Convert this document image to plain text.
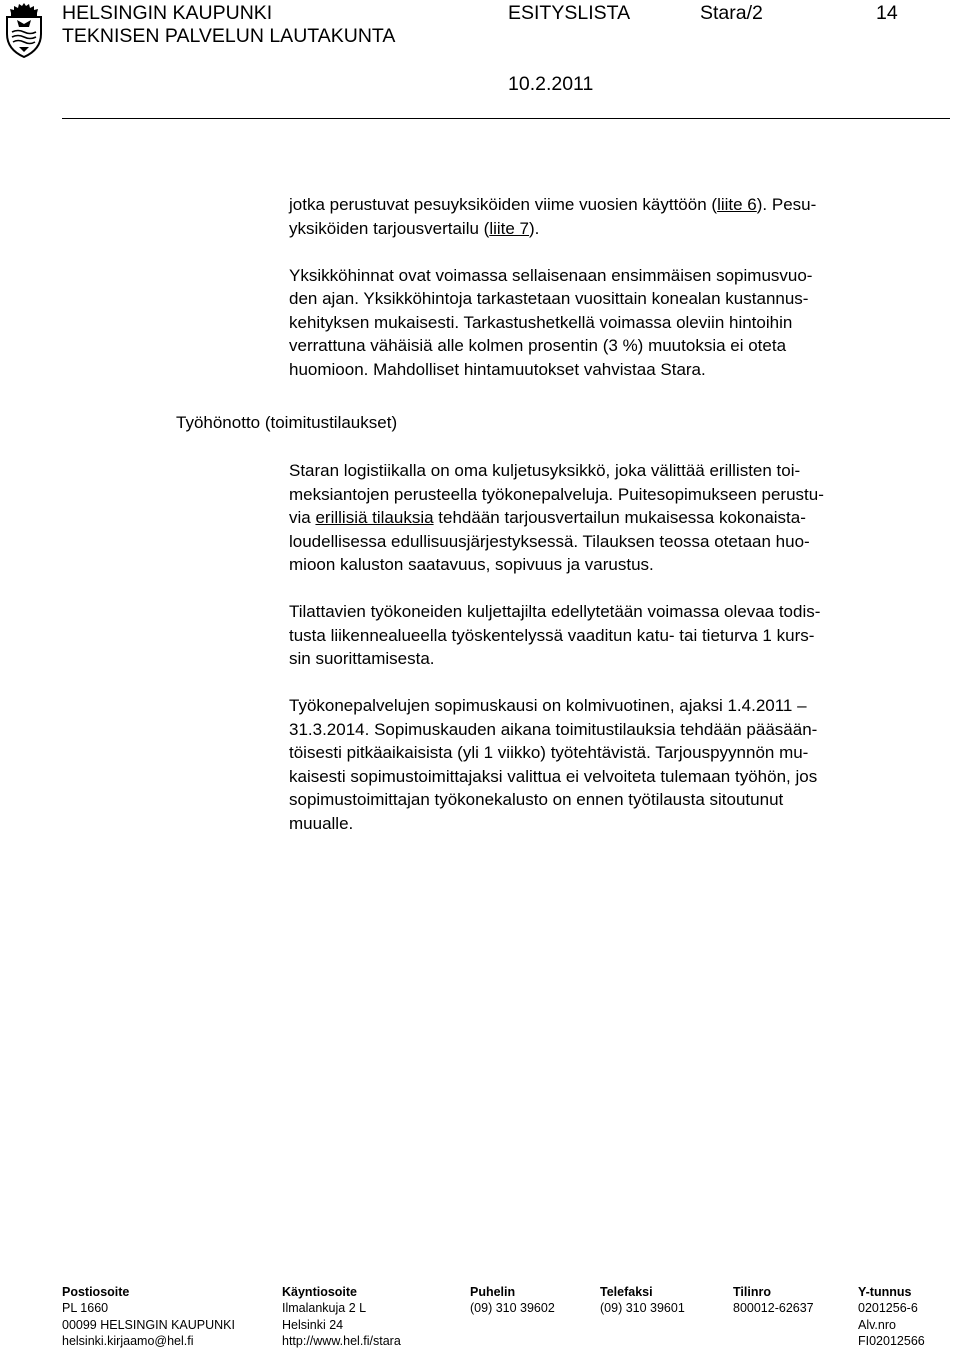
HELSINGIN KAUPUNKI
TEKNISEN PALVELUN LAUTAKUNTA
ESITYSLISTA	Stara/2	14
10.2.2011

jotka perustuvat pesuyksiköiden viime vuosien käyttöön (liite 6). Pesu-
yksiköiden tarjousvertailu (liite 7).

Yksikköhinnat ovat voimassa sellaisenaan ensimmäisen sopimusvuo-
den ajan. Yksikköhintoja tarkastetaan vuosittain konealan kustannus-
kehityksen mukaisesti. Tarkastushetkellä voimassa oleviin hintoihin
verrattuna vähäisiä alle kolmen prosentin (3 %) muutoksia ei oteta
huomioon. Mahdolliset hintamuutokset vahvistaa Stara.

Työhönotto (toimitustilaukset)

Staran logistiikalla on oma kuljetusyksikkö, joka välittää erillisten toi-
meksiantojen perusteella työkonepalveluja. Puitesopimukseen perustu-
via erillisiä tilauksia tehdään tarjousvertailun mukaisessa kokonaista-
loudellisessa edullisuusjärjestyksessä. Tilauksen teossa otetaan huo-
mioon kaluston saatavuus, sopivuus ja varustus.

Tilattavien työkoneiden kuljettajilta edellytetään voimassa olevaa todis-
tusta liikennealueella työskentelyssä vaaditun katu- tai tieturva 1 kurs-
sin suorittamisesta.

Työkonepalvelujen sopimuskausi on kolmivuotinen, ajaksi 1.4.2011 –
31.3.2014. Sopimuskauden aikana toimitustilauksia tehdään pääsään-
töisesti pitkäaikaisista (yli 1 viikko) työtehtävistä. Tarjouspyynnön mu-
kaisesti sopimustoimittajaksi valittua ei velvoiteta tulemaan työhön, jos
sopimustoimittajan työkonekalusto on ennen työtilausta sitoutunut
muualle.

Postiosoite
PL 1660
00099 HELSINGIN KAUPUNKI
helsinki.kirjaamo@hel.fi
Käyntiosoite
Ilmalankuja 2 L
Helsinki 24
http://www.hel.fi/stara
Puhelin
(09) 310 39602
Telefaksi
(09) 310 39601
Tilinro
800012-62637
Y-tunnus
0201256-6
Alv.nro
FI02012566
